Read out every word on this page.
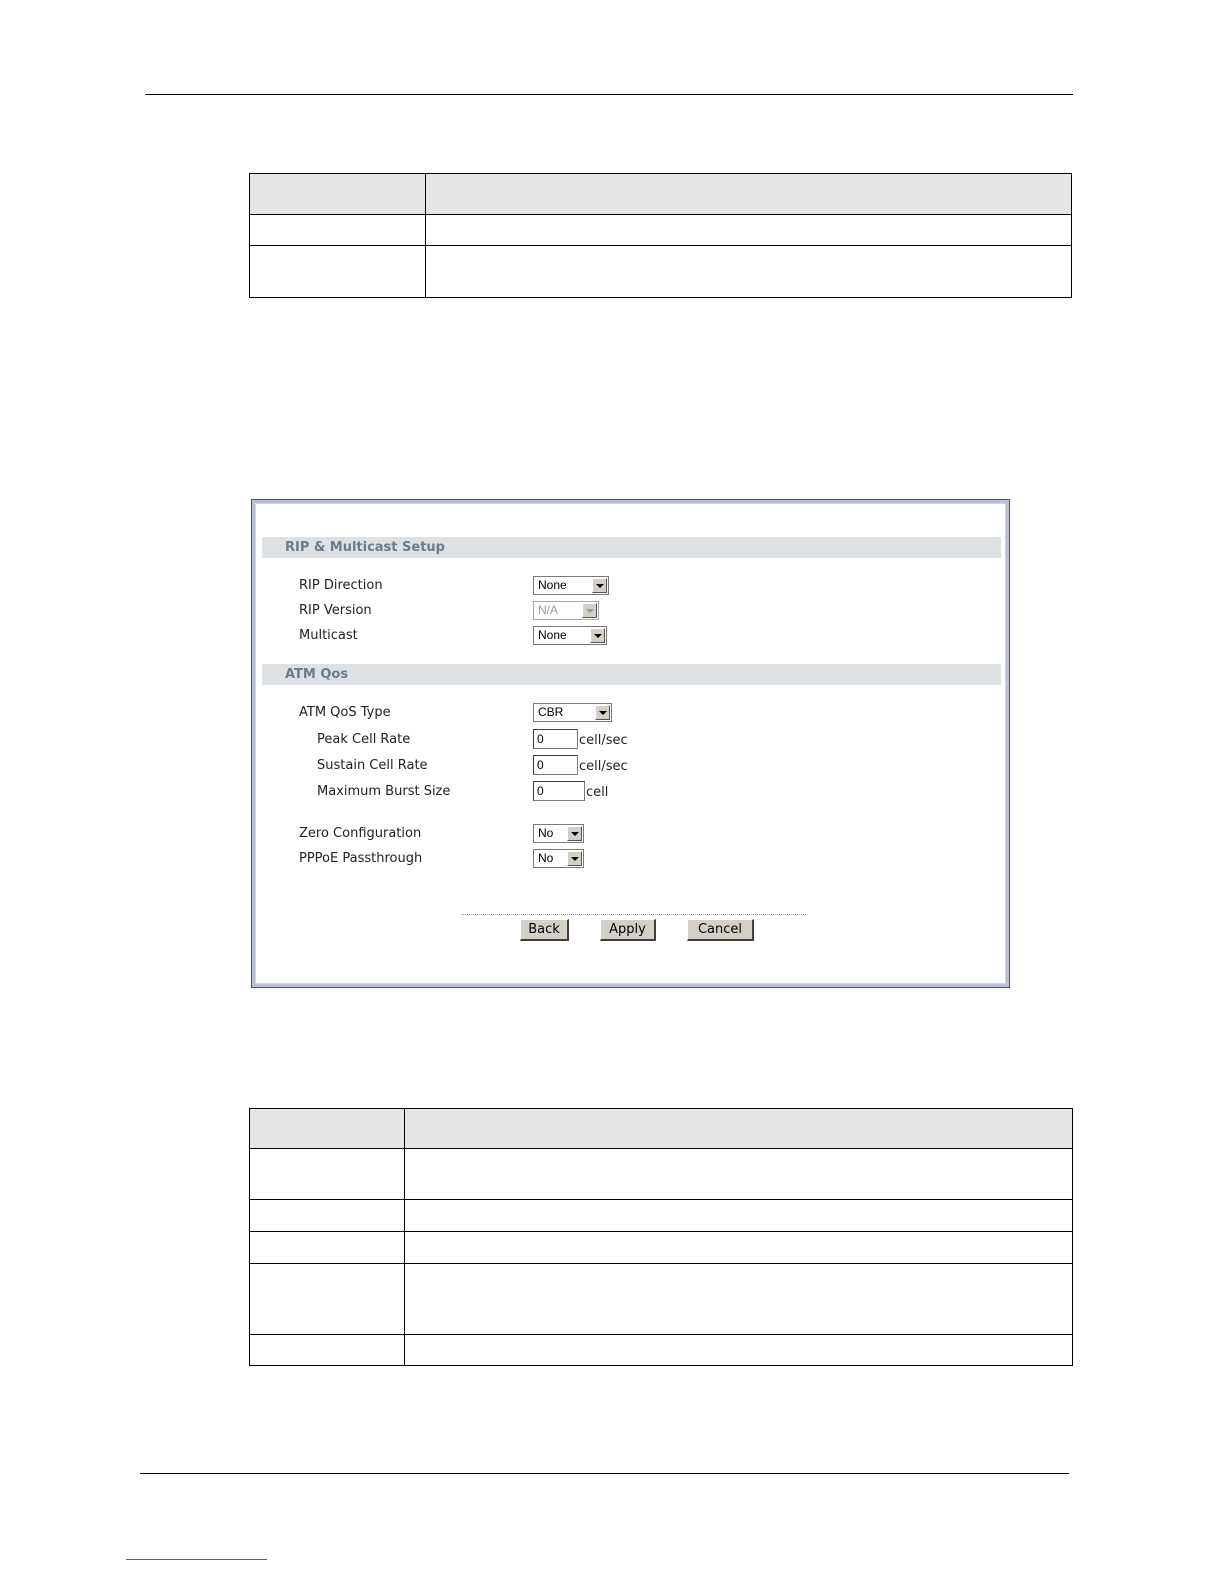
RIP & Multicast Setup
RIP Direction	None
RIP Version	N/A
Multicast	None
ATM Qos
ATM QoS Type	CBR
Peak Cell Rate	0	cell/sec
Sustain Cell Rate	0	cell/sec
Maximum Burst Size	0	cell
Zero Configuration	No
PPPoE Passthrough	No
Back	Apply	Cancel
